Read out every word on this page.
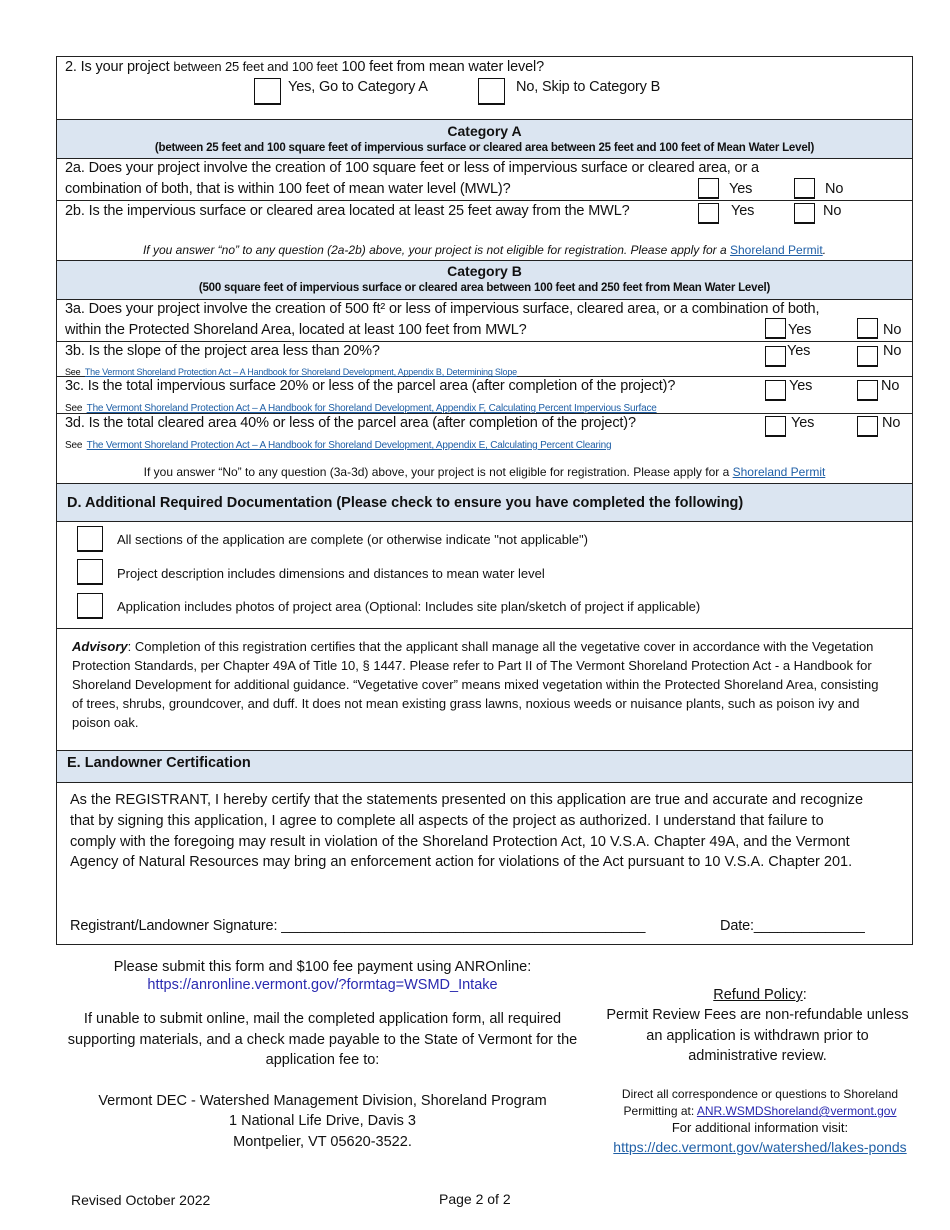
2. Is your project between 25 feet and 100 feet 100 feet from mean water level?
Yes, Go to Category A	No, Skip to Category B
Category A
(between 25 feet and 100 square feet of impervious surface or cleared area between 25 feet and 100 feet of Mean Water Level)
2a. Does your project involve the creation of 100 square feet or less of impervious surface or cleared area, or a
combination of both, that is within 100 feet of mean water level (MWL)?	Yes	No
2b. Is the impervious surface or cleared area located at least 25 feet away from the MWL?	Yes	No
If you answer “no” to any question (2a-2b) above, your project is not eligible for registration. Please apply for a Shoreland Permit.
Category B
(500 square feet of impervious surface or cleared area between 100 feet and 250 feet from Mean Water Level)
3a. Does your project involve the creation of 500 ft² or less of impervious surface, cleared area, or a combination of both,
within the Protected Shoreland Area, located at least 100 feet from MWL?	Yes	No
3b. Is the slope of the project area less than 20%?
See The Vermont Shoreland Protection Act – A Handbook for Shoreland Development, Appendix B, Determining Slope
Yes	No
3c. Is the total impervious surface 20% or less of the parcel area (after completion of the project)?
See The Vermont Shoreland Protection Act – A Handbook for Shoreland Development, Appendix F, Calculating Percent Impervious Surface
Yes	No
3d. Is the total cleared area 40% or less of the parcel area (after completion of the project)?
See The Vermont Shoreland Protection Act – A Handbook for Shoreland Development, Appendix E, Calculating Percent Clearing
Yes	No
If you answer “No” to any question (3a-3d) above, your project is not eligible for registration. Please apply for a Shoreland Permit
D. Additional Required Documentation (Please check to ensure you have completed the following)
All sections of the application are complete (or otherwise indicate "not applicable")
Project description includes dimensions and distances to mean water level
Application includes photos of project area (Optional: Includes site plan/sketch of project if applicable)
Advisory: Completion of this registration certifies that the applicant shall manage all the vegetative cover in accordance with the Vegetation Protection Standards, per Chapter 49A of Title 10, § 1447. Please refer to Part II of The Vermont Shoreland Protection Act - a Handbook for Shoreland Development for additional guidance. “Vegetative cover” means mixed vegetation within the Protected Shoreland Area, consisting of trees, shrubs, groundcover, and duff. It does not mean existing grass lawns, noxious weeds or nuisance plants, such as poison ivy and poison oak.
E. Landowner Certification
As the REGISTRANT, I hereby certify that the statements presented on this application are true and accurate and recognize that by signing this application, I agree to complete all aspects of the project as authorized. I understand that failure to comply with the foregoing may result in violation of the Shoreland Protection Act, 10 V.S.A. Chapter 49A, and the Vermont Agency of Natural Resources may bring an enforcement action for violations of the Act pursuant to 10 V.S.A. Chapter 201.
Registrant/Landowner Signature: ______________________________________________	Date:______________
Please submit this form and $100 fee payment using ANROnline:
https://anronline.vermont.gov/?formtag=WSMD_Intake
If unable to submit online, mail the completed application form, all required supporting materials, and a check made payable to the State of Vermont for the application fee to:
Vermont DEC - Watershed Management Division, Shoreland Program
1 National Life Drive, Davis 3
Montpelier, VT 05620-3522.
Refund Policy:
Permit Review Fees are non-refundable unless an application is withdrawn prior to administrative review.
Direct all correspondence or questions to Shoreland Permitting at: ANR.WSMDShoreland@vermont.gov
For additional information visit:
https://dec.vermont.gov/watershed/lakes-ponds
Revised October 2022	Page 2 of 2
